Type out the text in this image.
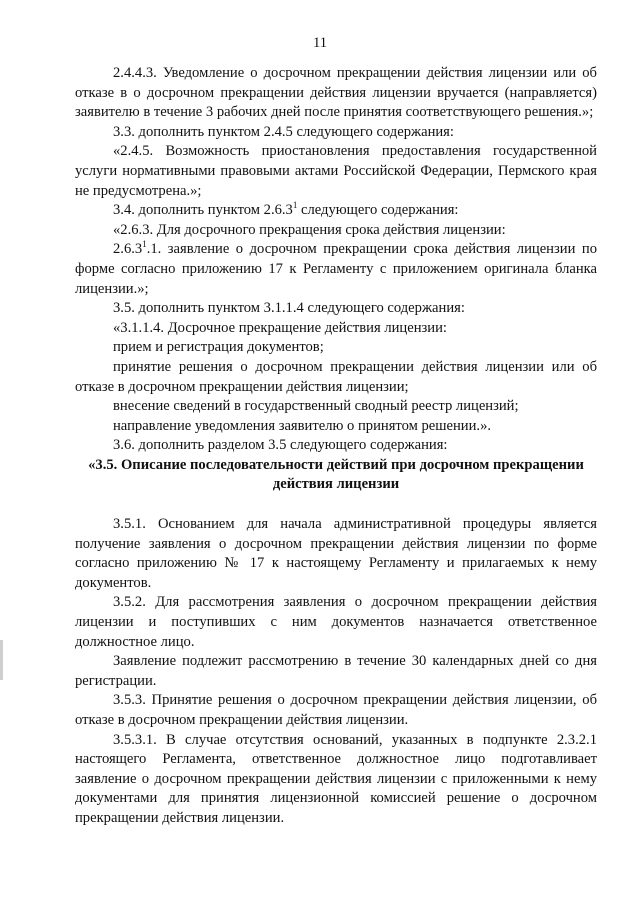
11

2.4.4.3. Уведомление о досрочном прекращении действия лицензии или об отказе в о досрочном прекращении действия лицензии вручается (направляется) заявителю в течение 3 рабочих дней после принятия соответствующего решения.»;

3.3. дополнить пунктом 2.4.5 следующего содержания:

«2.4.5. Возможность приостановления предоставления государственной услуги нормативными правовыми актами Российской Федерации, Пермского края не предусмотрена.»;

3.4. дополнить пунктом 2.6.3$^1$ следующего содержания:

«2.6.3. Для досрочного прекращения срока действия лицензии:

2.6.3$^1$.1. заявление о досрочном прекращении срока действия лицензии по форме согласно приложению 17 к Регламенту с приложением оригинала бланка лицензии.»;

3.5. дополнить пунктом 3.1.1.4 следующего содержания:

«3.1.1.4. Досрочное прекращение действия лицензии:

прием и регистрация документов;

принятие решения о досрочном прекращении действия лицензии или об отказе в досрочном прекращении действия лицензии;

внесение сведений в государственный сводный реестр лицензий;

направление уведомления заявителю о принятом решении.».

3.6. дополнить разделом 3.5 следующего содержания:

«3.5. Описание последовательности действий при досрочном прекращении действия лицензии

3.5.1. Основанием для начала административной процедуры является получение заявления о досрочном прекращении действия лицензии по форме согласно приложению № 17 к настоящему Регламенту и прилагаемых к нему документов.

3.5.2. Для рассмотрения заявления о досрочном прекращении действия лицензии и поступивших с ним документов назначается ответственное должностное лицо.

Заявление подлежит рассмотрению в течение 30 календарных дней со дня регистрации.

3.5.3. Принятие решения о досрочном прекращении действия лицензии, об отказе в досрочном прекращении действия лицензии.

3.5.3.1. В случае отсутствия оснований, указанных в подпункте 2.3.2.1 настоящего Регламента, ответственное должностное лицо подготавливает заявление о досрочном прекращении действия лицензии с приложенными к нему документами для принятия лицензионной комиссией решение о досрочном прекращении действия лицензии.
